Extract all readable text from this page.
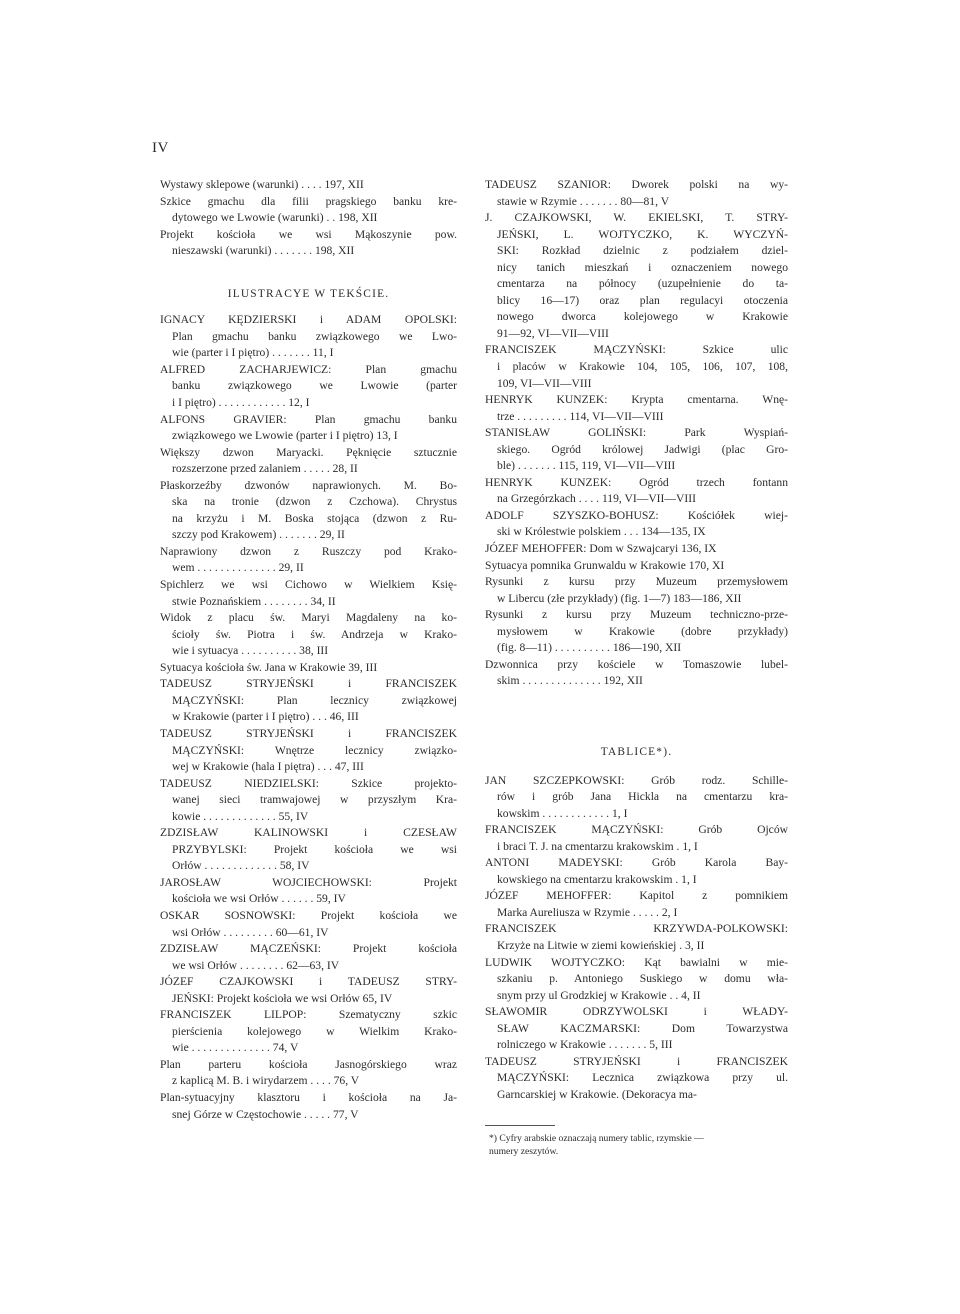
IV
Wystawy sklepowe (warunki) . . . . 197, XII
Szkice gmachu dla filii pragskiego banku kre-
dytowego we Lwowie (warunki) . . 198, XII
Projekt kościoła we wsi Mąkoszynie pow.
nieszawski (warunki) . . . . . . . 198, XII
ILUSTRACYE W TEKŚCIE.
IGNACY KĘDZIERSKI i ADAM OPOLSKI:
Plan gmachu banku związkowego we Lwo-
wie (parter i I piętro) . . . . . . . 11, I
ALFRED ZACHARJEWICZ: Plan gmachu
banku związkowego we Lwowie (parter
i I piętro) . . . . . . . . . . . . 12, I
ALFONS GRAVIER: Plan gmachu banku
związkowego we Lwowie (parter i I piętro) 13, I
Większy dzwon Maryacki. Pęknięcie sztucznie
rozszerzone przed zalaniem . . . . . 28, II
Płaskorzeźby dzwonów naprawionych. M. Bo-
ska na tronie (dzwon z Czchowa). Chrystus
na krzyżu i M. Boska stojąca (dzwon z Ru-
szczy pod Krakowem) . . . . . . . 29, II
Naprawiony dzwon z Ruszczy pod Krako-
wem . . . . . . . . . . . . . . 29, II
Spichlerz we wsi Cichowo w Wielkiem Księ-
stwie Poznańskiem . . . . . . . . 34, II
Widok z placu św. Maryi Magdaleny na ko-
ścioły św. Piotra i św. Andrzeja w Krako-
wie i sytuacya . . . . . . . . . . 38, III
Sytuacya kościoła św. Jana w Krakowie 39, III
TADEUSZ STRYJEŃSKI i FRANCISZEK
MĄCZYŃSKI: Plan lecznicy związkowej
w Krakowie (parter i I piętro) . . . 46, III
TADEUSZ STRYJEŃSKI i FRANCISZEK
MĄCZYŃSKI: Wnętrze lecznicy związko-
wej w Krakowie (hala I piętra) . . . 47, III
TADEUSZ NIEDZIELSKI: Szkice projekto-
wanej sieci tramwajowej w przyszłym Kra-
kowie . . . . . . . . . . . . . 55, IV
ZDZISŁAW KALINOWSKI i CZESŁAW
PRZYBYLSKI: Projekt kościoła we wsi
Orłów . . . . . . . . . . . . . 58, IV
JAROSŁAW WOJCIECHOWSKI: Projekt
kościoła we wsi Orłów . . . . . . 59, IV
OSKAR SOSNOWSKI: Projekt kościoła we
wsi Orłów . . . . . . . . . 60—61, IV
ZDZISŁAW MĄCZEŃSKI: Projekt kościoła
we wsi Orłów . . . . . . . . 62—63, IV
JÓZEF CZAJKOWSKI i TADEUSZ STRY-
JEŃSKI: Projekt kościoła we wsi Orłów 65, IV
FRANCISZEK LILPOP: Szematyczny szkic
pierścienia kolejowego w Wielkim Krako-
wie . . . . . . . . . . . . . . 74, V
Plan parteru kościoła Jasnogórskiego wraz
z kaplicą M. B. i wirydarzem . . . . 76, V
Plan-sytuacyjny klasztoru i kościoła na Ja-
snej Górze w Częstochowie . . . . . 77, V
TADEUSZ SZANIOR: Dworek polski na wy-
stawie w Rzymie . . . . . . . 80—81, V
J. CZAJKOWSKI, W. EKIELSKI, T. STRY-
JEŃSKI, L. WOJTYCZKO, K. WYCZYŃ-
SKI: Rozkład dzielnic z podziałem dziel-
nicy tanich mieszkań i oznaczeniem nowego
cmentarza na północy (uzupełnienie do ta-
blicy 16—17) oraz plan regulacyi otoczenia
nowego dworca kolejowego w Krakowie
91—92, VI—VII—VIII
FRANCISZEK MĄCZYŃSKI: Szkice ulic
i placów w Krakowie 104, 105, 106, 107, 108,
109, VI—VII—VIII
HENRYK KUNZEK: Krypta cmentarna. Wnę-
trze . . . . . . . . . 114, VI—VII—VIII
STANISŁAW GOLIŃSKI: Park Wyspiań-
skiego. Ogród królowej Jadwigi (plac Gro-
ble) . . . . . . . 115, 119, VI—VII—VIII
HENRYK KUNZEK: Ogród trzech fontann
na Grzegórzkach . . . . 119, VI—VII—VIII
ADOLF SZYSZKO-BOHUSZ: Kościółek wiej-
ski w Królestwie polskiem . . . 134—135, IX
JÓZEF MEHOFFER: Dom w Szwajcaryi 136, IX
Sytuacya pomnika Grunwaldu w Krakowie 170, XI
Rysunki z kursu przy Muzeum przemysłowem
w Libercu (złe przykłady) (fig. 1—7) 183—186, XII
Rysunki z kursu przy Muzeum techniczno-prze-
mysłowem w Krakowie (dobre przykłady)
(fig. 8—11) . . . . . . . . . . 186—190, XII
Dzwonnica przy kościele w Tomaszowie lubel-
skim . . . . . . . . . . . . . . 192, XII
TABLICE*).
JAN SZCZEPKOWSKI: Grób rodz. Schille-
rów i grób Jana Hickla na cmentarzu kra-
kowskim . . . . . . . . . . . . 1, I
FRANCISZEK MĄCZYŃSKI: Grób Ojców
i braci T. J. na cmentarzu krakowskim . 1, I
ANTONI MADEYSKI: Grób Karola Bay-
kowskiego na cmentarzu krakowskim . 1, I
JÓZEF MEHOFFER: Kapitol z pomnikiem
Marka Aureliusza w Rzymie . . . . . 2, I
FRANCISZEK KRZYWDA-POLKOWSKI:
Krzyże na Litwie w ziemi kowieńskiej . 3, II
LUDWIK WOJTYCZKO: Kąt bawialni w mie-
szkaniu p. Antoniego Suskiego w domu wła-
snym przy ul Grodzkiej w Krakowie . . 4, II
SŁAWOMIR ODRZYWOLSKI i WŁADY-
SŁAW KACZMARSKI: Dom Towarzystwa
rolniczego w Krakowie . . . . . . . 5, III
TADEUSZ STRYJEŃSKI i FRANCISZEK
MĄCZYŃSKI: Lecznica związkowa przy ul.
Garncarskiej w Krakowie. (Dekoracya ma-
*) Cyfry arabskie oznaczają numery tablic, rzymskie —
numery zeszytów.
